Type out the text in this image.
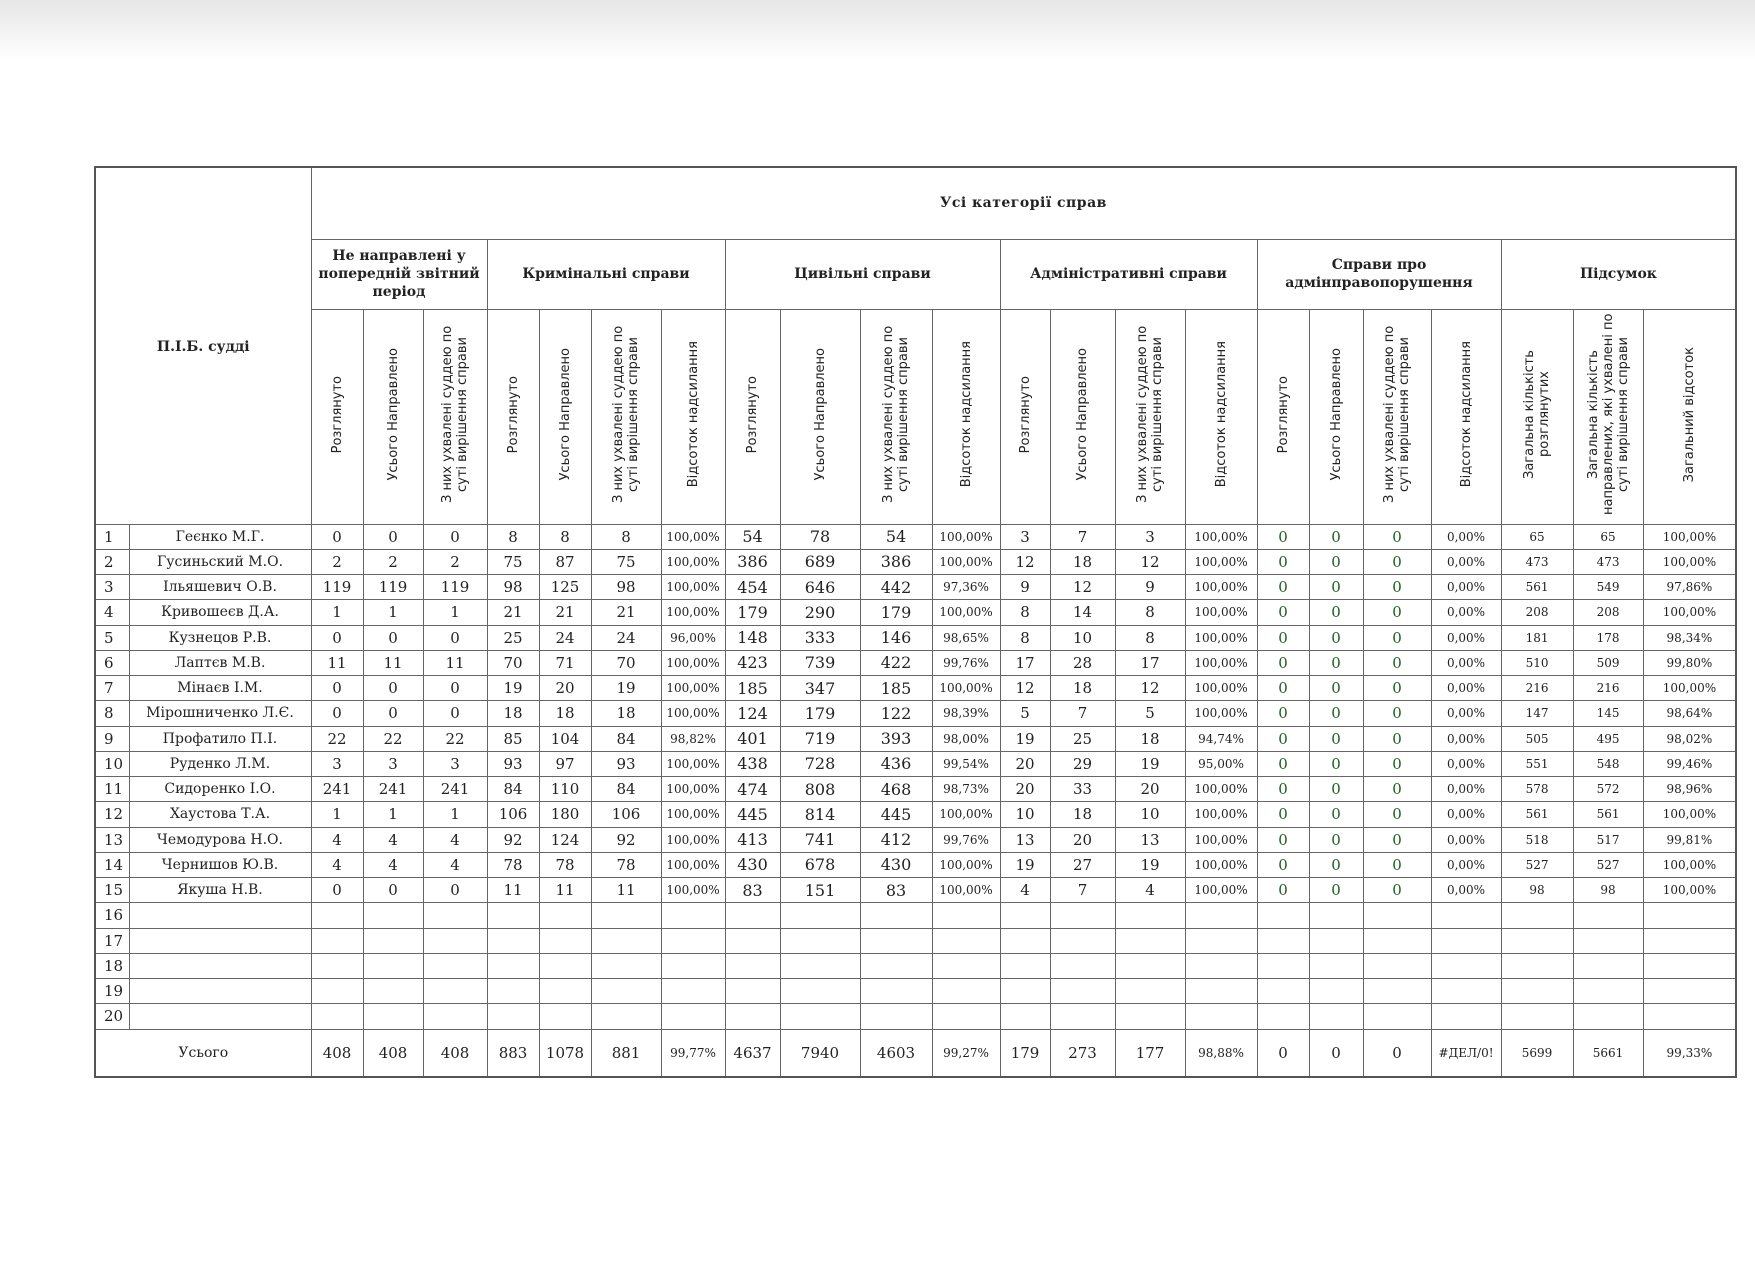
П.І.Б. судді		Усі категорії справ																					
		Не направлені у попередній звітний період			Кримінальні справи				Цивільні справи				Адміністративні справи				Справи про адмінправопорушення				Підсумок		
		Розглянуто	Усього Направлено	З них ухвалені суддею по суті вирішення справи	Розглянуто	Усього Направлено	З них ухвалені суддею по суті вирішення справи	Відсоток надсилання	Розглянуто	Усього Направлено	З них ухвалені суддею по суті вирішення справи	Відсоток надсилання	Розглянуто	Усього Направлено	З них ухвалені суддею по суті вирішення справи	Відсоток надсилання	Розглянуто	Усього Направлено	З них ухвалені суддею по суті вирішення справи	Відсоток надсилання	Загальна кількість розглянутих	Загальна кількість направлених, які ухвалені по суті вирішення справи	Загальний відсоток
1	Геєнко М.Г.	0	0	0	8	8	8	100,00%	54	78	54	100,00%	3	7	3	100,00%	0	0	0	0,00%	65	65	100,00%
2	Гусиньский М.О.	2	2	2	75	87	75	100,00%	386	689	386	100,00%	12	18	12	100,00%	0	0	0	0,00%	473	473	100,00%
3	Ільяшевич О.В.	119	119	119	98	125	98	100,00%	454	646	442	97,36%	9	12	9	100,00%	0	0	0	0,00%	561	549	97,86%
4	Кривошеєв Д.А.	1	1	1	21	21	21	100,00%	179	290	179	100,00%	8	14	8	100,00%	0	0	0	0,00%	208	208	100,00%
5	Кузнецов Р.В.	0	0	0	25	24	24	96,00%	148	333	146	98,65%	8	10	8	100,00%	0	0	0	0,00%	181	178	98,34%
6	Лаптєв М.В.	11	11	11	70	71	70	100,00%	423	739	422	99,76%	17	28	17	100,00%	0	0	0	0,00%	510	509	99,80%
7	Мінаєв І.М.	0	0	0	19	20	19	100,00%	185	347	185	100,00%	12	18	12	100,00%	0	0	0	0,00%	216	216	100,00%
8	Мірошниченко Л.Є.	0	0	0	18	18	18	100,00%	124	179	122	98,39%	5	7	5	100,00%	0	0	0	0,00%	147	145	98,64%
9	Профатило П.І.	22	22	22	85	104	84	98,82%	401	719	393	98,00%	19	25	18	94,74%	0	0	0	0,00%	505	495	98,02%
10	Руденко Л.М.	3	3	3	93	97	93	100,00%	438	728	436	99,54%	20	29	19	95,00%	0	0	0	0,00%	551	548	99,46%
11	Сидоренко І.О.	241	241	241	84	110	84	100,00%	474	808	468	98,73%	20	33	20	100,00%	0	0	0	0,00%	578	572	98,96%
12	Хаустова Т.А.	1	1	1	106	180	106	100,00%	445	814	445	100,00%	10	18	10	100,00%	0	0	0	0,00%	561	561	100,00%
13	Чемодурова Н.О.	4	4	4	92	124	92	100,00%	413	741	412	99,76%	13	20	13	100,00%	0	0	0	0,00%	518	517	99,81%
14	Чернишов Ю.В.	4	4	4	78	78	78	100,00%	430	678	430	100,00%	19	27	19	100,00%	0	0	0	0,00%	527	527	100,00%
15	Якуша Н.В.	0	0	0	11	11	11	100,00%	83	151	83	100,00%	4	7	4	100,00%	0	0	0	0,00%	98	98	100,00%
16																							
17																							
18																							
19																							
20																							
Усього		408	408	408	883	1078	881	99,77%	4637	7940	4603	99,27%	179	273	177	98,88%	0	0	0	#ДЕЛ/0!	5699	5661	99,33%
